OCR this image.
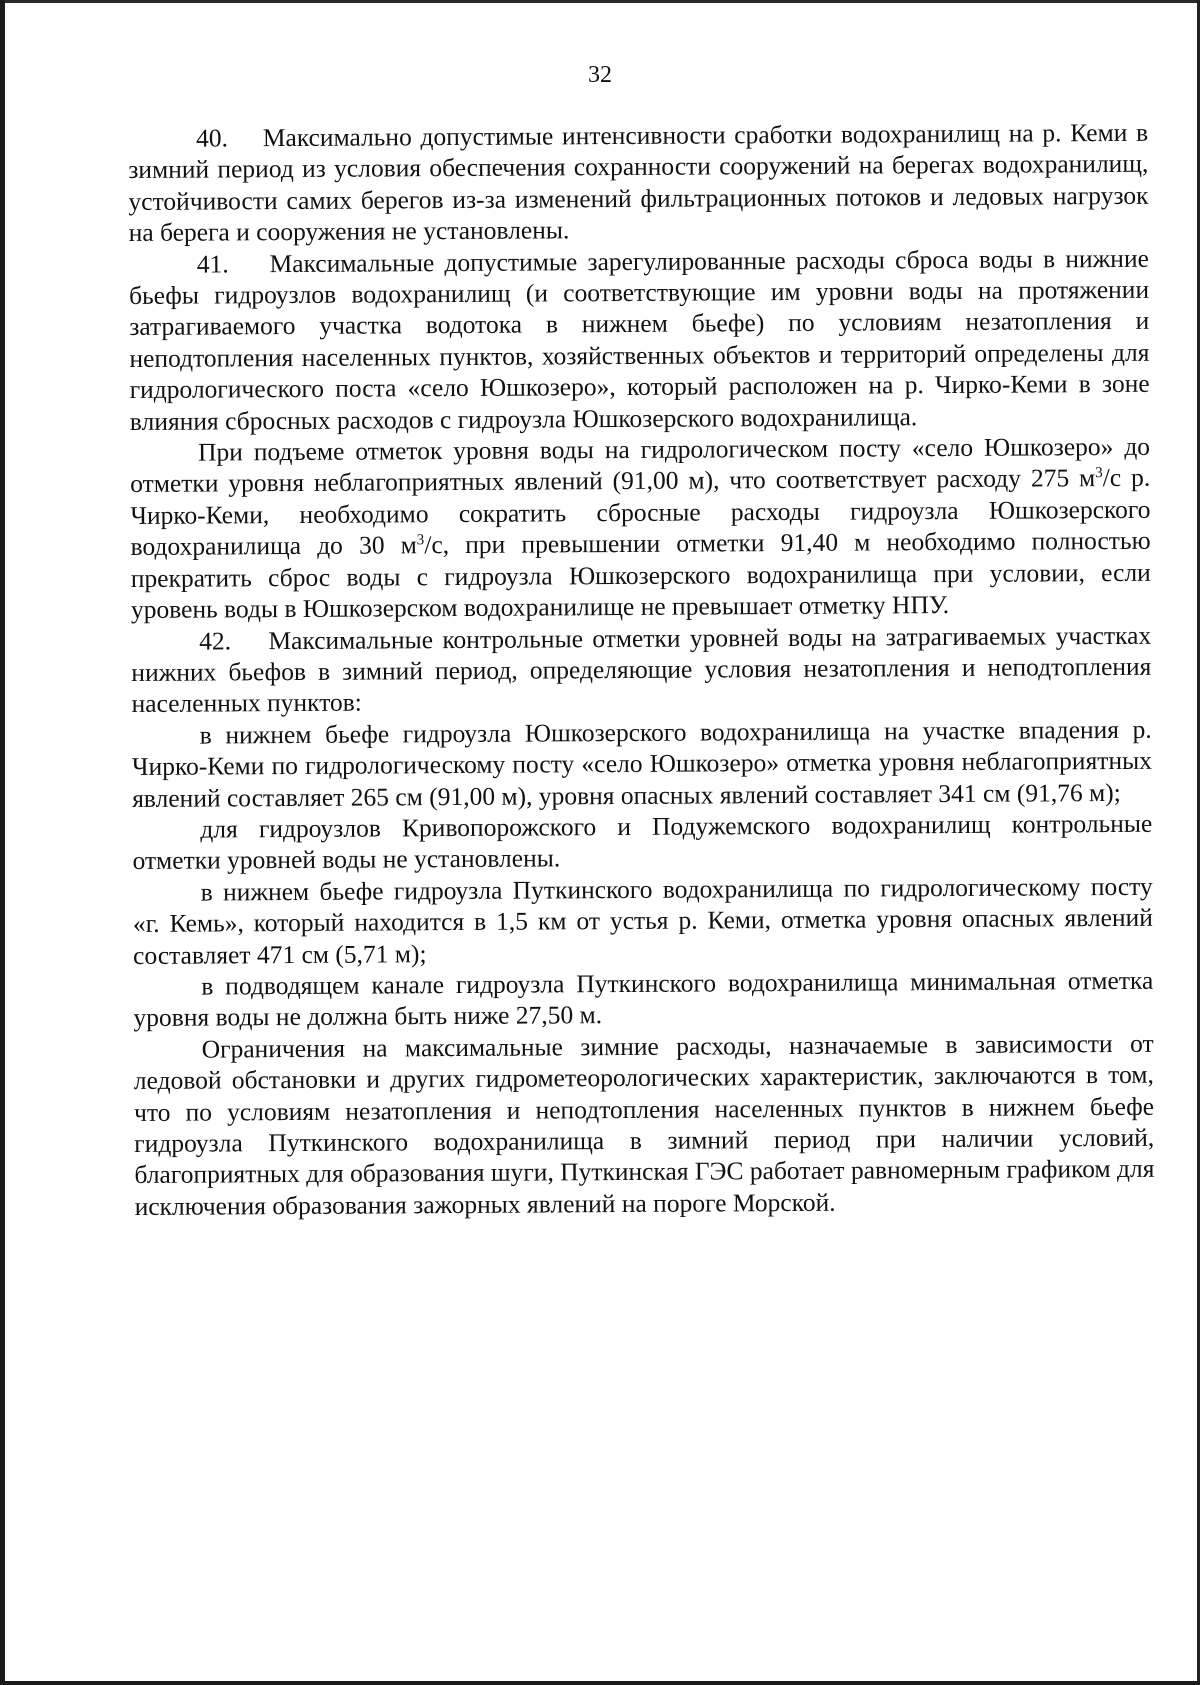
32

40.    Максимально допустимые интенсивности сработки водохранилищ на р. Кеми в зимний период из условия обеспечения сохранности сооружений на берегах водохранилищ, устойчивости самих берегов из-за изменений фильтрационных потоков и ледовых нагрузок на берега и сооружения не установлены.

41.    Максимальные допустимые зарегулированные расходы сброса воды в нижние бьефы гидроузлов водохранилищ (и соответствующие им уровни воды на протяжении затрагиваемого участка водотока в нижнем бьефе) по условиям незатопления и неподтопления населенных пунктов, хозяйственных объектов и территорий определены для гидрологического поста «село Юшкозеро», который расположен на р. Чирко-Кеми в зоне влияния сбросных расходов с гидроузла Юшкозерского водохранилища.

При подъеме отметок уровня воды на гидрологическом посту «село Юшкозеро» до отметки уровня неблагоприятных явлений (91,00 м), что соответствует расходу 275 $м^3/с$ р. Чирко-Кеми, необходимо сократить сбросные расходы гидроузла Юшкозерского водохранилища до 30 $м^3/с$, при превышении отметки 91,40 м необходимо полностью прекратить сброс воды с гидроузла Юшкозерского водохранилища при условии, если уровень воды в Юшкозерском водохранилище не превышает отметку НПУ.

42.    Максимальные контрольные отметки уровней воды на затрагиваемых участках нижних бьефов в зимний период, определяющие условия незатопления и неподтопления населенных пунктов:

в нижнем бьефе гидроузла Юшкозерского водохранилища на участке впадения р. Чирко-Кеми по гидрологическому посту «село Юшкозеро» отметка уровня неблагоприятных явлений составляет 265 см (91,00 м), уровня опасных явлений составляет 341 см (91,76 м);

для гидроузлов Кривопорожского и Подужемского водохранилищ контрольные отметки уровней воды не установлены.

в нижнем бьефе гидроузла Путкинского водохранилища по гидрологическому посту «г. Кемь», который находится в 1,5 км от устья р. Кеми, отметка уровня опасных явлений составляет 471 см (5,71 м);

в подводящем канале гидроузла Путкинского водохранилища минимальная отметка уровня воды не должна быть ниже 27,50 м.

Ограничения на максимальные зимние расходы, назначаемые в зависимости от ледовой обстановки и других гидрометеорологических характеристик, заключаются в том, что по условиям незатопления и неподтопления населенных пунктов в нижнем бьефе гидроузла Путкинского водохранилища в зимний период при наличии условий, благоприятных для образования шуги, Путкинская ГЭС работает равномерным графиком для исключения образования зажорных явлений на пороге Морской.
